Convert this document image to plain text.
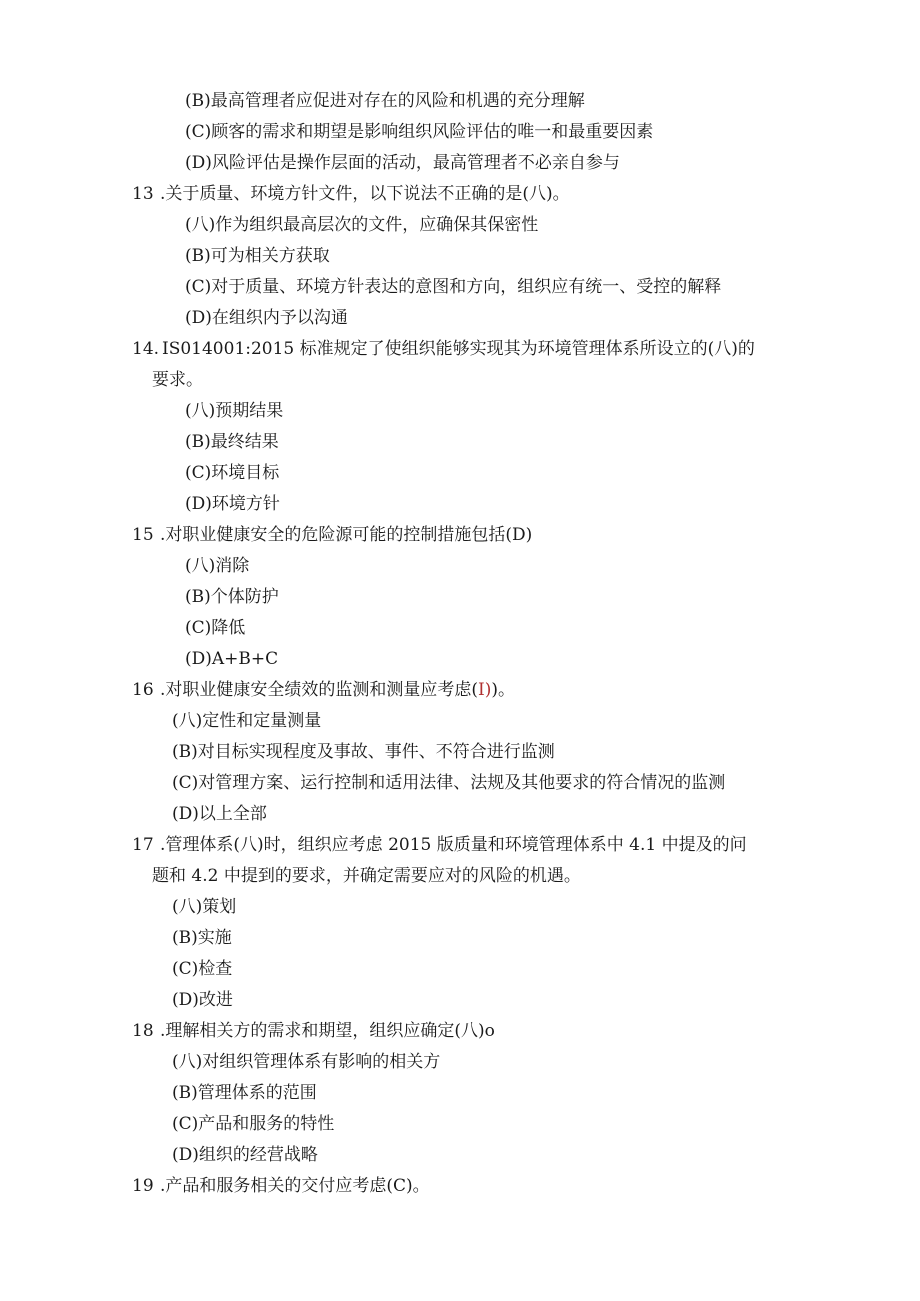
(B)最高管理者应促进对存在的风险和机遇的充分理解
(C)顾客的需求和期望是影响组织风险评估的唯一和最重要因素
(D)风险评估是操作层面的活动，最高管理者不必亲自参与
13 .关于质量、环境方针文件，以下说法不正确的是(八)。
(八)作为组织最高层次的文件，应确保其保密性
(B)可为相关方获取
(C)对于质量、环境方针表达的意图和方向，组织应有统一、受控的解释
(D)在组织内予以沟通
14. IS014001:2015 标准规定了使组织能够实现其为环境管理体系所设立的(八)的
要求。
(八)预期结果
(B)最终结果
(C)环境目标
(D)环境方针
15 .对职业健康安全的危险源可能的控制措施包括(D)
(八)消除
(B)个体防护
(C)降低
(D)A+B+C
16 .对职业健康安全绩效的监测和测量应考虑(I))。
(八)定性和定量测量
(B)对目标实现程度及事故、事件、不符合进行监测
(C)对管理方案、运行控制和适用法律、法规及其他要求的符合情况的监测
(D)以上全部
17 .管理体系(八)时，组织应考虑 2015 版质量和环境管理体系中 4.1 中提及的问
题和 4.2 中提到的要求，并确定需要应对的风险的机遇。
(八)策划
(B)实施
(C)检查
(D)改进
18 .理解相关方的需求和期望，组织应确定(八)o
(八)对组织管理体系有影响的相关方
(B)管理体系的范围
(C)产品和服务的特性
(D)组织的经营战略
19 .产品和服务相关的交付应考虑(C)。
